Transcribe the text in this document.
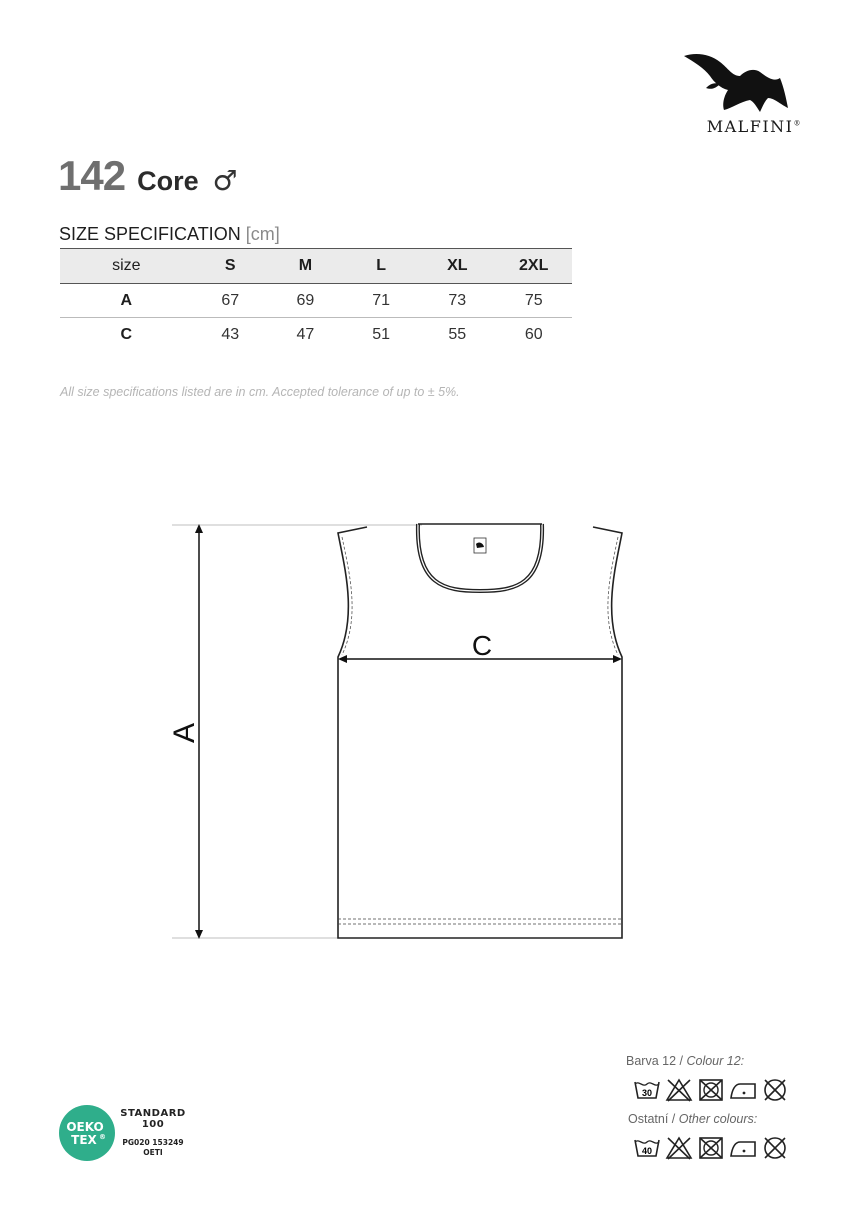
MALFINI®
142 Core ♂
SIZE SPECIFICATION [cm]
size	S	M	L	XL	2XL
A	67	69	71	73	75
C	43	47	51	55	60
All size specifications listed are in cm. Accepted tolerance of up to ± 5%.
A
C
Barva 12 / Colour 12:
30
Ostatní / Other colours:
40
OEKO
TEX ®
STANDARD
100
PG020 153249
OETI
